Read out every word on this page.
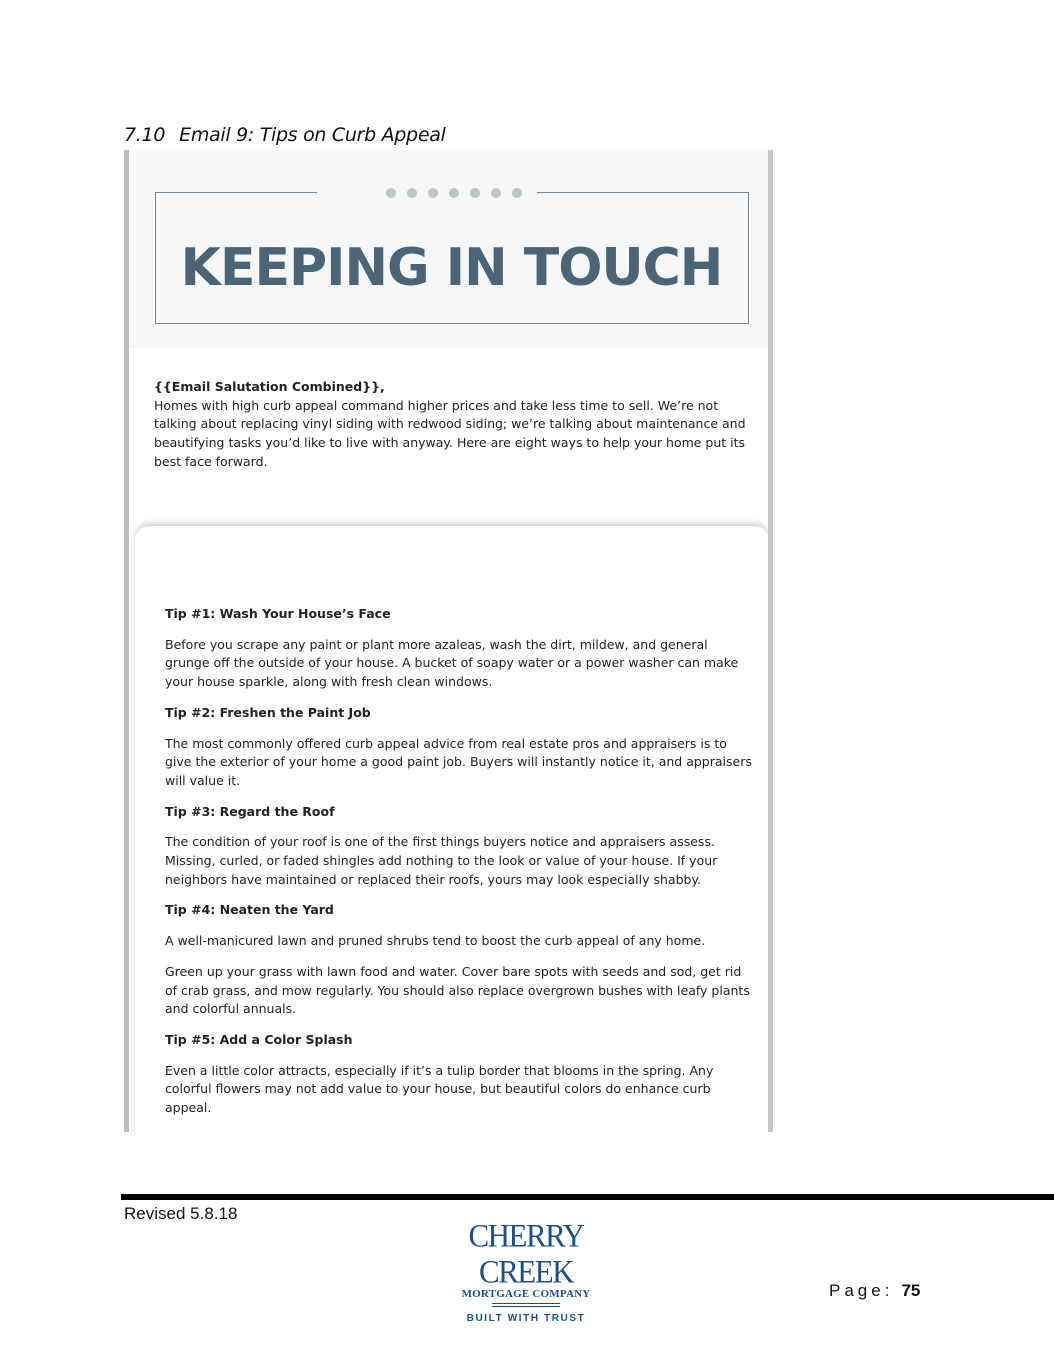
7.10 Email 9: Tips on Curb Appeal
KEEPING IN TOUCH

{{Email Salutation Combined}},

Homes with high curb appeal command higher prices and take less time to sell. We’re not talking about replacing vinyl siding with redwood siding; we’re talking about maintenance and beautifying tasks you’d like to live with anyway. Here are eight ways to help your home put its best face forward.

Tip #1: Wash Your House’s Face

Before you scrape any paint or plant more azaleas, wash the dirt, mildew, and general grunge off the outside of your house. A bucket of soapy water or a power washer can make your house sparkle, along with fresh clean windows.

Tip #2: Freshen the Paint Job

The most commonly offered curb appeal advice from real estate pros and appraisers is to give the exterior of your home a good paint job. Buyers will instantly notice it, and appraisers will value it.

Tip #3: Regard the Roof

The condition of your roof is one of the first things buyers notice and appraisers assess. Missing, curled, or faded shingles add nothing to the look or value of your house. If your neighbors have maintained or replaced their roofs, yours may look especially shabby.

Tip #4: Neaten the Yard

A well-manicured lawn and pruned shrubs tend to boost the curb appeal of any home.

Green up your grass with lawn food and water. Cover bare spots with seeds and sod, get rid of crab grass, and mow regularly. You should also replace overgrown bushes with leafy plants and colorful annuals.

Tip #5: Add a Color Splash

Even a little color attracts, especially if it’s a tulip border that blooms in the spring. Any colorful flowers may not add value to your house, but beautiful colors do enhance curb appeal.

Revised 5.8.18
CHERRY CREEK
MORTGAGE COMPANY
BUILT WITH TRUST
Page: 75
